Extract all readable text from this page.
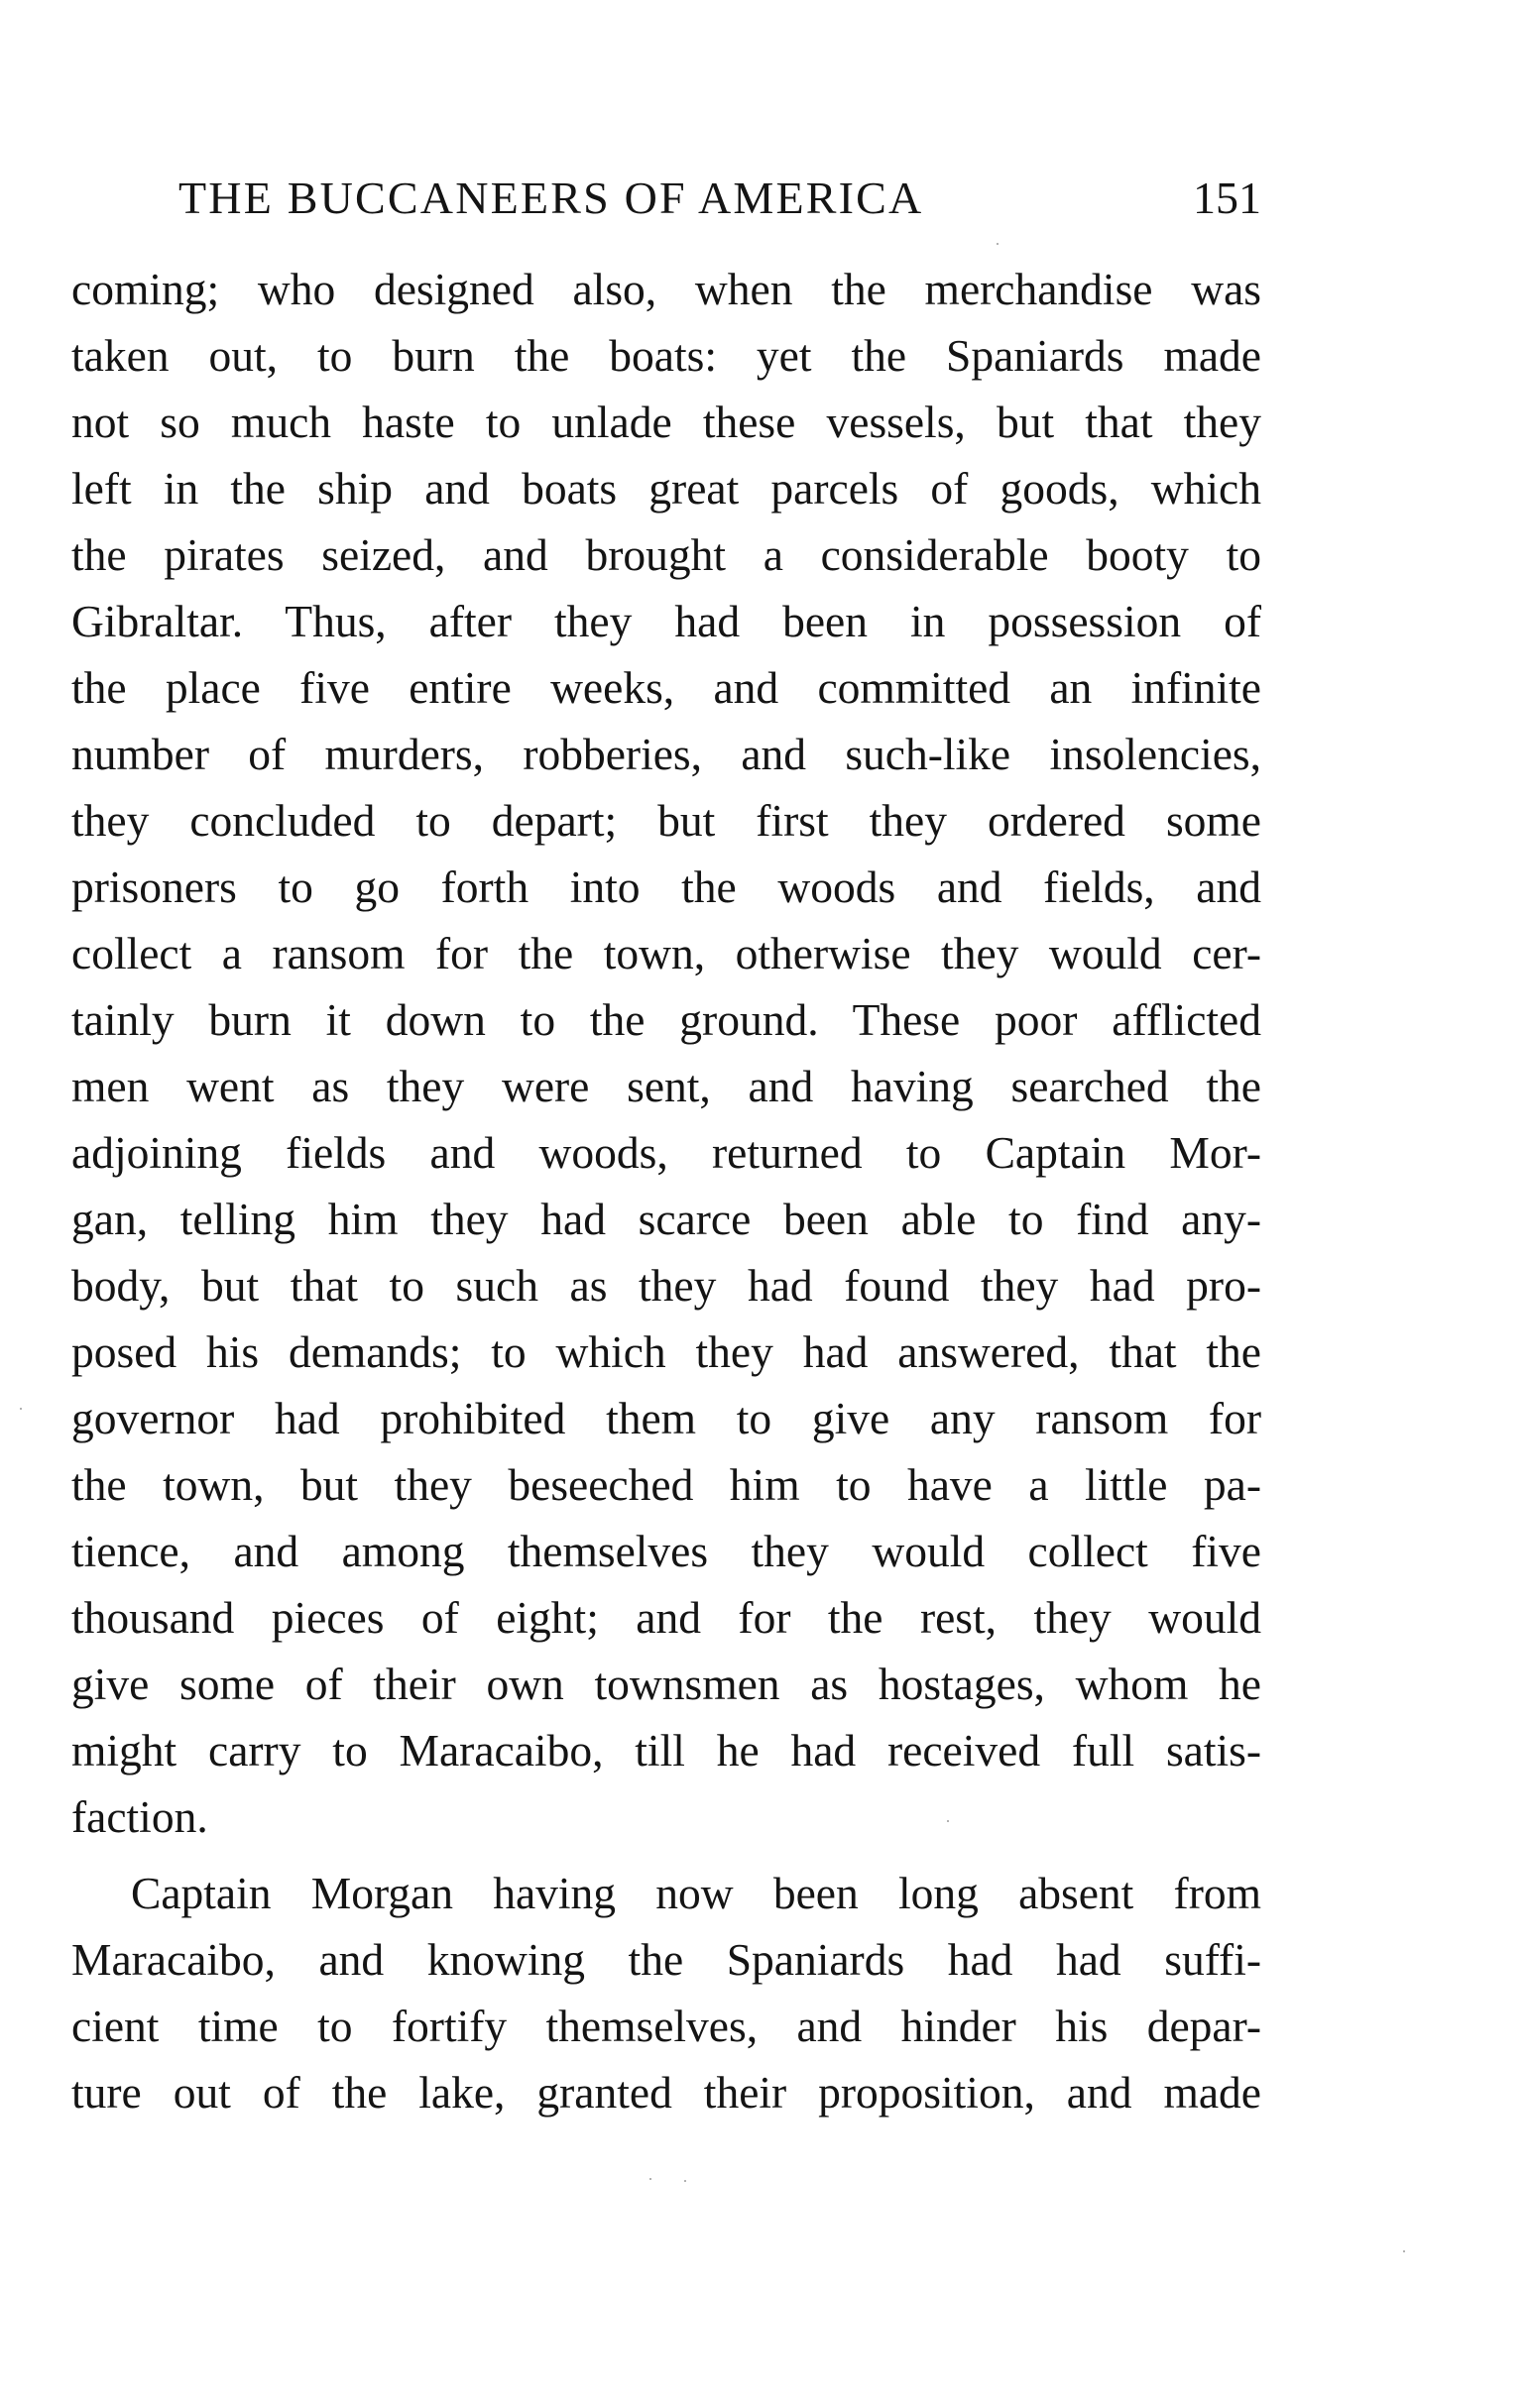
THE BUCCANEERS OF AMERICA	151
coming; who designed also, when the merchandise was
taken out, to burn the boats: yet the Spaniards made
not so much haste to unlade these vessels, but that they
left in the ship and boats great parcels of goods, which
the pirates seized, and brought a considerable booty to
Gibraltar. Thus, after they had been in possession of
the place five entire weeks, and committed an infinite
number of murders, robberies, and such-like insolencies,
they concluded to depart; but first they ordered some
prisoners to go forth into the woods and fields, and
collect a ransom for the town, otherwise they would cer-
tainly burn it down to the ground. These poor afflicted
men went as they were sent, and having searched the
adjoining fields and woods, returned to Captain Mor-
gan, telling him they had scarce been able to find any-
body, but that to such as they had found they had pro-
posed his demands; to which they had answered, that the
governor had prohibited them to give any ransom for
the town, but they beseeched him to have a little pa-
tience, and among themselves they would collect five
thousand pieces of eight; and for the rest, they would
give some of their own townsmen as hostages, whom he
might carry to Maracaibo, till he had received full satis-
faction.
Captain Morgan having now been long absent from
Maracaibo, and knowing the Spaniards had had suffi-
cient time to fortify themselves, and hinder his depar-
ture out of the lake, granted their proposition, and made
